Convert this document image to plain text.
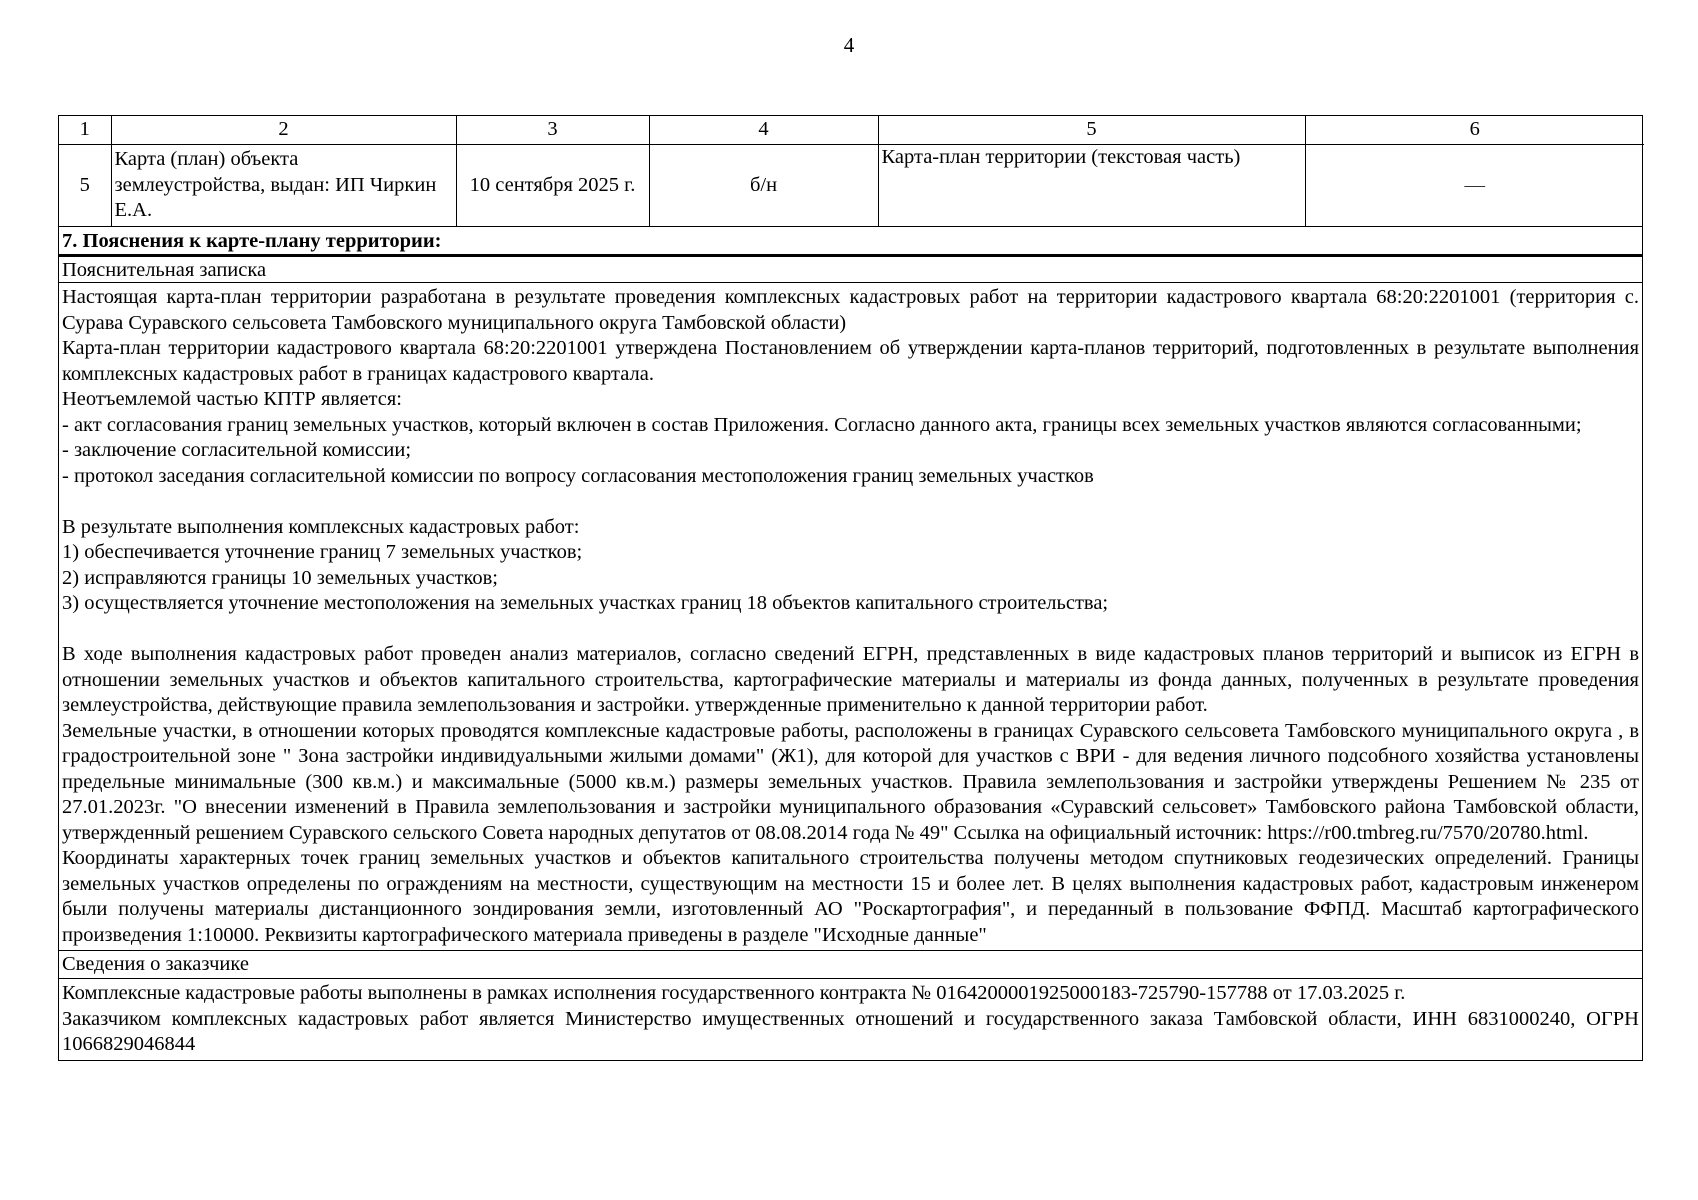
4
1	2	3	4	5	6
5	Карта (план) объекта землеустройства, выдан: ИП Чиркин Е.А.	10 сентября 2025 г.	б/н	Карта-план территории (текстовая часть)	—
7. Пояснения к карте-плану территории:
Пояснительная записка

Настоящая карта-план территории разработана в результате проведения комплексных кадастровых работ на территории кадастрового квартала 68:20:2201001 (территория с. Сурава Суравского сельсовета Тамбовского муниципального округа Тамбовской области)

Карта-план территории кадастрового квартала 68:20:2201001 утверждена Постановлением об утверждении карта-планов территорий, подготовленных в результате выполнения комплексных кадастровых работ в границах кадастрового квартала.

Неотъемлемой частью КПТР является:

- акт согласования границ земельных участков, который включен в состав Приложения. Согласно данного акта, границы всех земельных участков являются согласованными;

- заключение согласительной комиссии;

- протокол заседания согласительной комиссии по вопросу согласования местоположения границ земельных участков

В результате выполнения комплексных кадастровых работ:

1) обеспечивается уточнение границ 7 земельных участков;

2) исправляются границы 10 земельных участков;

3) осуществляется уточнение местоположения на земельных участках границ 18 объектов капитального строительства;

В ходе выполнения кадастровых работ проведен анализ материалов, согласно сведений ЕГРН, представленных в виде кадастровых планов территорий и выписок из ЕГРН в отношении земельных участков и объектов капитального строительства, картографические материалы и материалы из фонда данных, полученных в результате проведения землеустройства, действующие правила землепользования и застройки. утвержденные применительно к данной территории работ.

Земельные участки, в отношении которых проводятся комплексные кадастровые работы, расположены в границах Суравского сельсовета Тамбовского муниципального округа , в градостроительной зоне " Зона застройки индивидуальными жилыми домами" (Ж1), для которой для участков с ВРИ - для ведения личного подсобного хозяйства установлены предельные минимальные (300 кв.м.) и максимальные (5000 кв.м.) размеры земельных участков. Правила землепользования и застройки утверждены Решением № 235 от 27.01.2023г. "О внесении изменений в Правила землепользования и застройки муниципального образования «Суравский сельсовет» Тамбовского района Тамбовской области, утвержденный решением Суравского сельского Совета народных депутатов от 08.08.2014 года № 49" Ссылка на официальный источник: https://r00.tmbreg.ru/7570/20780.html.

Координаты характерных точек границ земельных участков и объектов капитального строительства получены методом спутниковых геодезических определений. Границы земельных участков определены по ограждениям на местности, существующим на местности 15 и более лет. В целях выполнения кадастровых работ, кадастровым инженером были получены материалы дистанционного зондирования земли, изготовленный АО "Роскартография", и переданный в пользование ФФПД. Масштаб картографического произведения 1:10000. Реквизиты картографического материала приведены в разделе "Исходные данные"

Сведения о заказчике

Комплексные кадастровые работы выполнены в рамках исполнения государственного контракта № 0164200001925000183-725790-157788 от 17.03.2025 г.

Заказчиком комплексных кадастровых работ является Министерство имущественных отношений и государственного заказа Тамбовской области, ИНН 6831000240, ОГРН 1066829046844
